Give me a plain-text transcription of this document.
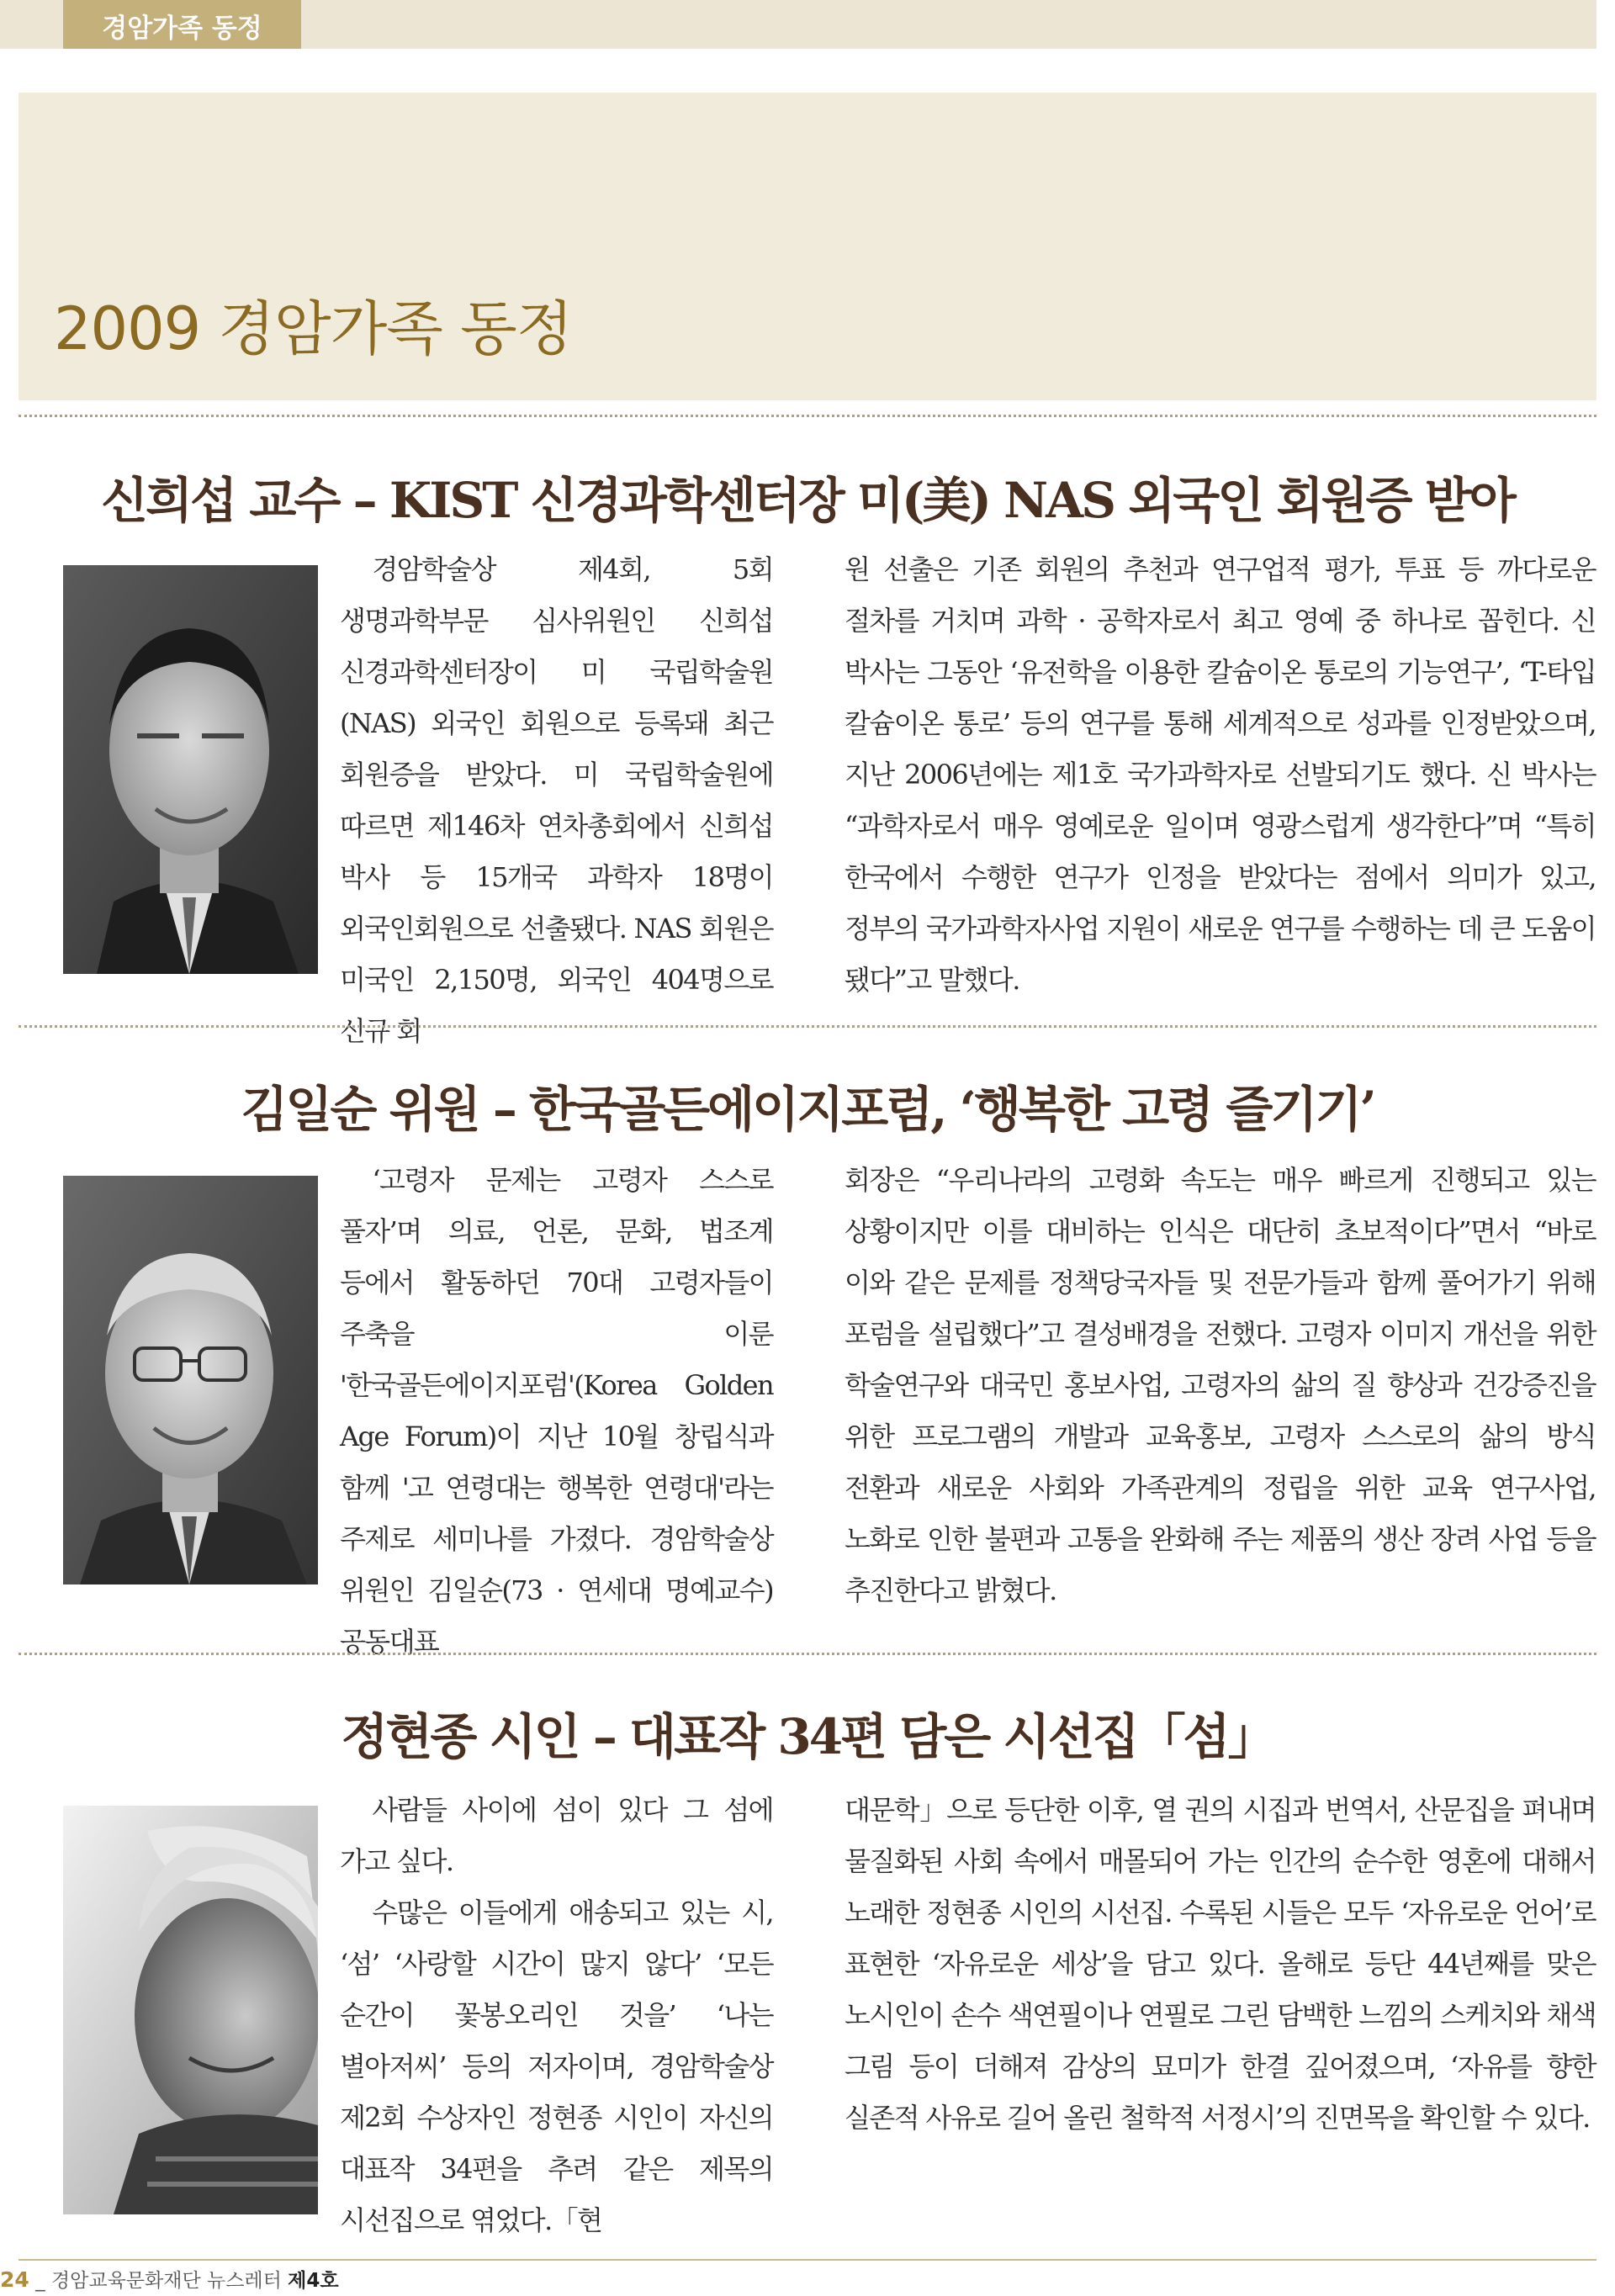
경암가족 동정
2009 경암가족 동정
신희섭 교수 – KIST 신경과학센터장 미(美) NAS 외국인 회원증 받아
경암학술상 제4회, 5회 생명과학부문 심사위원인 신희섭 신경과학센터장이 미 국립학술원(NAS) 외국인 회원으로 등록돼 최근 회원증을 받았다. 미 국립학술원에 따르면 제146차 연차총회에서 신희섭 박사 등 15개국 과학자 18명이 외국인회원으로 선출됐다. NAS 회원은 미국인 2,150명, 외국인 404명으로 신규 회
원 선출은 기존 회원의 추천과 연구업적 평가, 투표 등 까다로운 절차를 거치며 과학 · 공학자로서 최고 영예 중 하나로 꼽힌다. 신 박사는 그동안 ‘유전학을 이용한 칼슘이온 통로의 기능연구’, ‘T-타입 칼슘이온 통로’ 등의 연구를 통해 세계적으로 성과를 인정받았으며, 지난 2006년에는 제1호 국가과학자로 선발되기도 했다. 신 박사는 “과학자로서 매우 영예로운 일이며 영광스럽게 생각한다”며 “특히 한국에서 수행한 연구가 인정을 받았다는 점에서 의미가 있고, 정부의 국가과학자사업 지원이 새로운 연구를 수행하는 데 큰 도움이 됐다”고 말했다.
김일순 위원 – 한국골든에이지포럼, ‘행복한 고령 즐기기’
‘고령자 문제는 고령자 스스로 풀자’며 의료, 언론, 문화, 법조계 등에서 활동하던 70대 고령자들이 주축을 이룬 '한국골든에이지포럼'(Korea Golden Age Forum)이 지난 10월 창립식과 함께 '고 연령대는 행복한 연령대'라는 주제로 세미나를 가졌다. 경암학술상 위원인 김일순(73 · 연세대 명예교수) 공동대표
회장은 “우리나라의 고령화 속도는 매우 빠르게 진행되고 있는 상황이지만 이를 대비하는 인식은 대단히 초보적이다”면서 “바로 이와 같은 문제를 정책당국자들 및 전문가들과 함께 풀어가기 위해 포럼을 설립했다”고 결성배경을 전했다. 고령자 이미지 개선을 위한 학술연구와 대국민 홍보사업, 고령자의 삶의 질 향상과 건강증진을 위한 프로그램의 개발과 교육홍보, 고령자 스스로의 삶의 방식 전환과 새로운 사회와 가족관계의 정립을 위한 교육 연구사업, 노화로 인한 불편과 고통을 완화해 주는 제품의 생산 장려 사업 등을 추진한다고 밝혔다.
정현종 시인 – 대표작 34편 담은 시선집「섬」
사람들 사이에 섬이 있다 그 섬에 가고 싶다.
수많은 이들에게 애송되고 있는 시, ‘섬’ ‘사랑할 시간이 많지 않다’ ‘모든 순간이 꽃봉오리인 것을’ ‘나는 별아저씨’ 등의 저자이며, 경암학술상 제2회 수상자인 정현종 시인이 자신의 대표작 34편을 추려 같은 제목의 시선집으로 엮었다.「현
대문학」으로 등단한 이후, 열 권의 시집과 번역서, 산문집을 펴내며 물질화된 사회 속에서 매몰되어 가는 인간의 순수한 영혼에 대해서 노래한 정현종 시인의 시선집. 수록된 시들은 모두 ‘자유로운 언어’로 표현한 ‘자유로운 세상’을 담고 있다. 올해로 등단 44년째를 맞은 노시인이 손수 색연필이나 연필로 그린 담백한 느낌의 스케치와 채색 그림 등이 더해져 감상의 묘미가 한결 깊어졌으며, ‘자유를 향한 실존적 사유로 길어 올린 철학적 서정시’의 진면목을 확인할 수 있다.
24 _ 경암교육문화재단 뉴스레터 제4호
